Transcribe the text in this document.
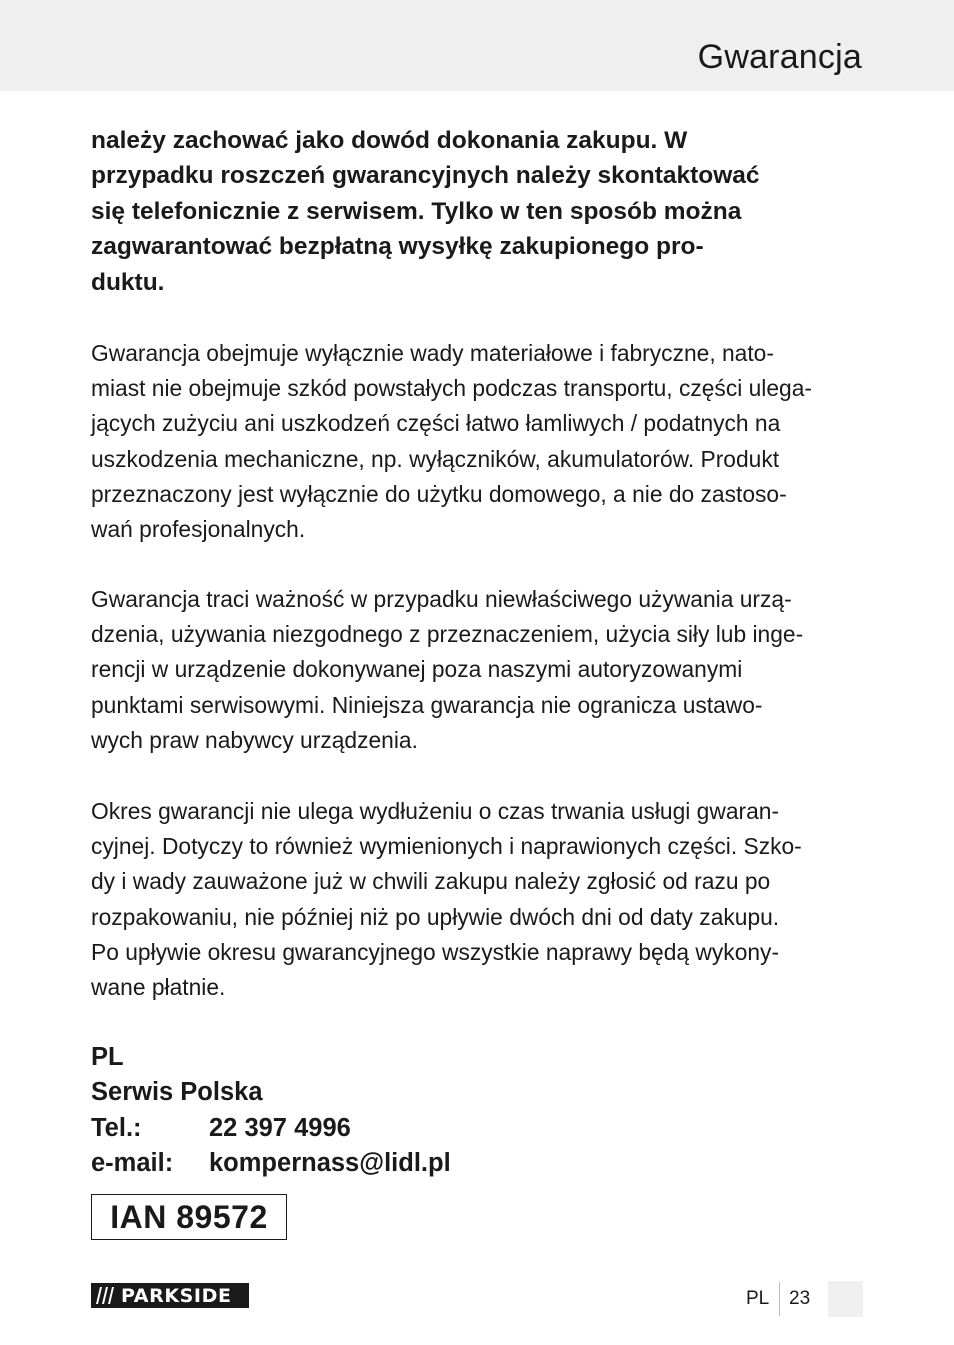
Gwarancja

należy zachować jako dowód dokonania zakupu. W
przypadku roszczeń gwarancyjnych należy skontaktować
się telefonicznie z serwisem. Tylko w ten sposób można
zagwarantować bezpłatną wysyłkę zakupionego pro-
duktu.

Gwarancja obejmuje wyłącznie wady materiałowe i fabryczne, nato-
miast nie obejmuje szkód powstałych podczas transportu, części ulega-
jących zużyciu ani uszkodzeń części łatwo łamliwych / podatnych na
uszkodzenia mechaniczne, np. wyłączników, akumulatorów. Produkt
przeznaczony jest wyłącznie do użytku domowego, a nie do zastoso-
wań profesjonalnych.

Gwarancja traci ważność w przypadku niewłaściwego używania urzą-
dzenia, używania niezgodnego z przeznaczeniem, użycia siły lub inge-
rencji w urządzenie dokonywanej poza naszymi autoryzowanymi
punktami serwisowymi. Niniejsza gwarancja nie ogranicza ustawo-
wych praw nabywcy urządzenia.

Okres gwarancji nie ulega wydłużeniu o czas trwania usługi gwaran-
cyjnej. Dotyczy to również wymienionych i naprawionych części. Szko-
dy i wady zauważone już w chwili zakupu należy zgłosić od razu po
rozpakowaniu, nie później niż po upływie dwóch dni od daty zakupu.
Po upływie okresu gwarancyjnego wszystkie naprawy będą wykony-
wane płatnie.

PL
Serwis Polska
Tel.:	22 397 4996
e-mail: kompernass@lidl.pl
IAN 89572
PARKSIDE	PL 23
